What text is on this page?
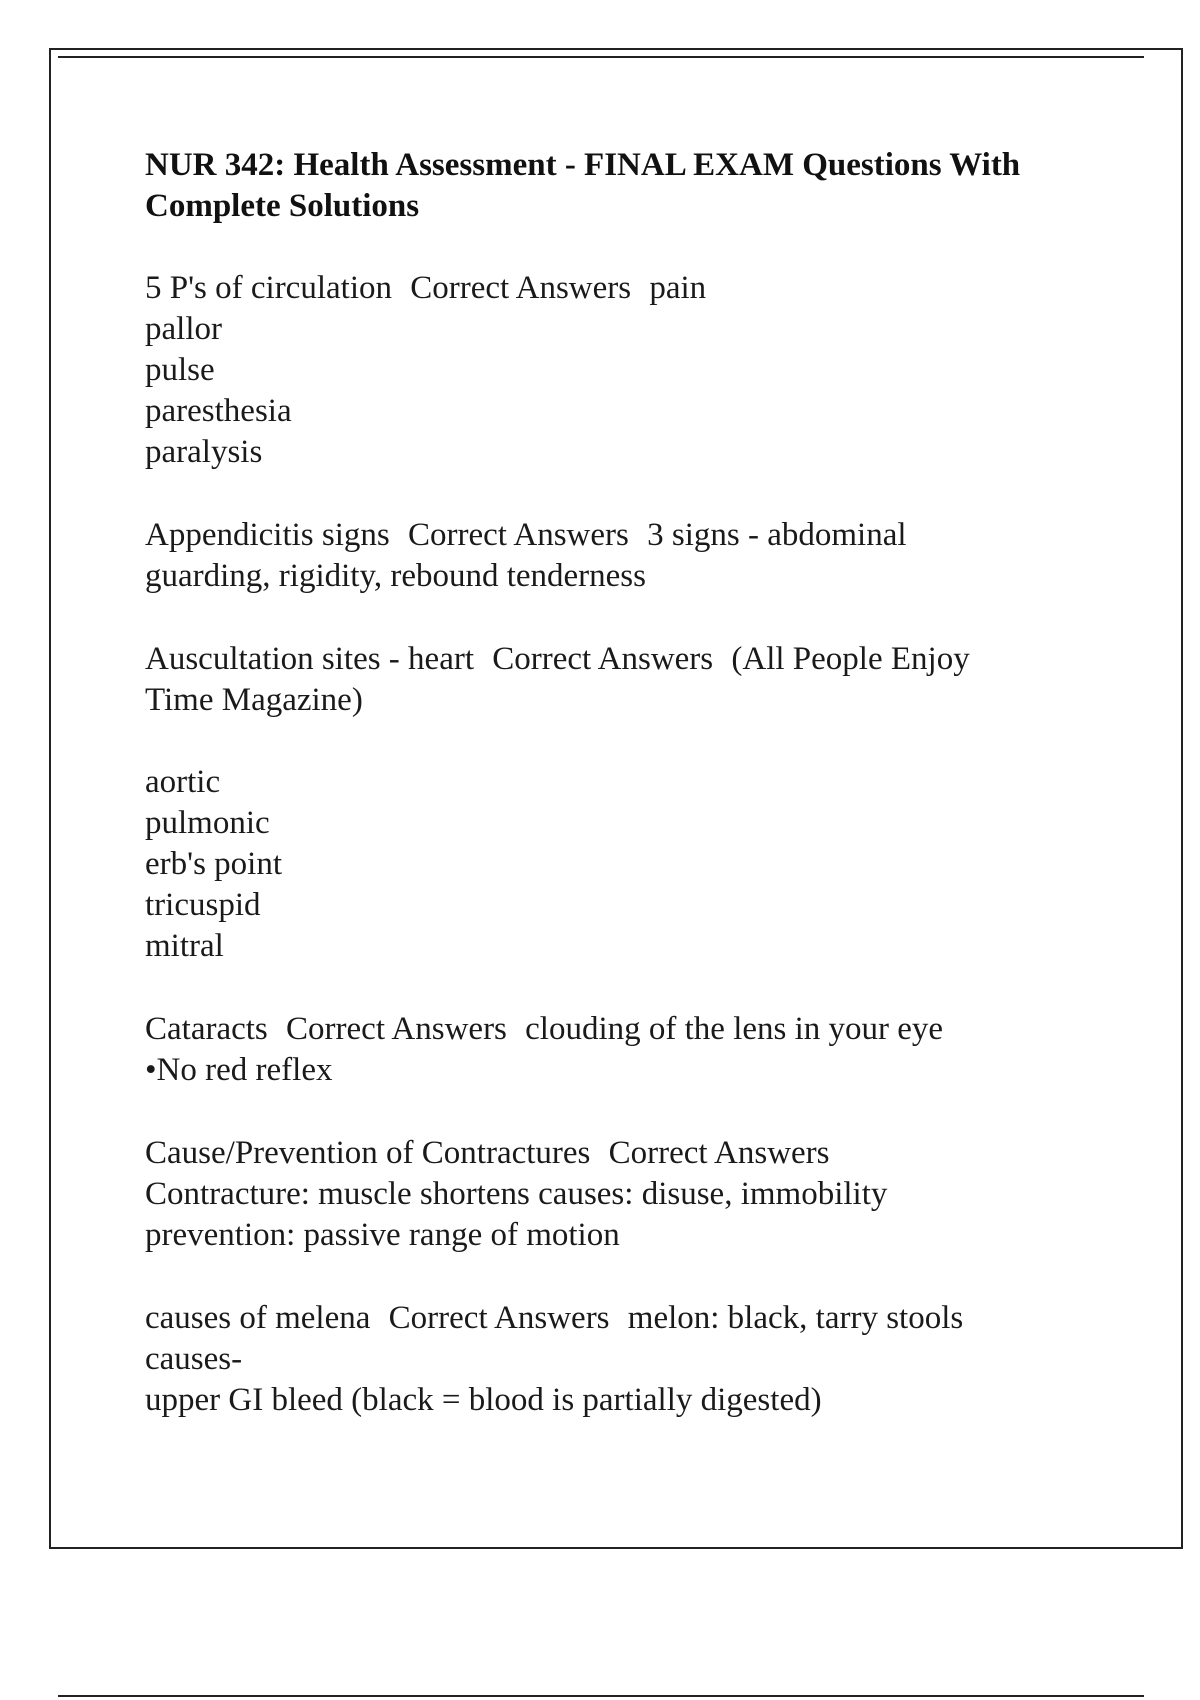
NUR 342: Health Assessment - FINAL EXAM Questions With Complete Solutions
5 P's of circulation Correct Answers pain
pallor
pulse
paresthesia
paralysis
Appendicitis signs Correct Answers 3 signs - abdominal
guarding, rigidity, rebound tenderness
Auscultation sites - heart Correct Answers (All People Enjoy
Time Magazine)

aortic
pulmonic
erb's point
tricuspid
mitral
Cataracts Correct Answers clouding of the lens in your eye
•No red reflex
Cause/Prevention of Contractures Correct Answers
Contracture: muscle shortens causes: disuse, immobility
prevention: passive range of motion
causes of melena Correct Answers melon: black, tarry stools
causes-
upper GI bleed (black = blood is partially digested)
